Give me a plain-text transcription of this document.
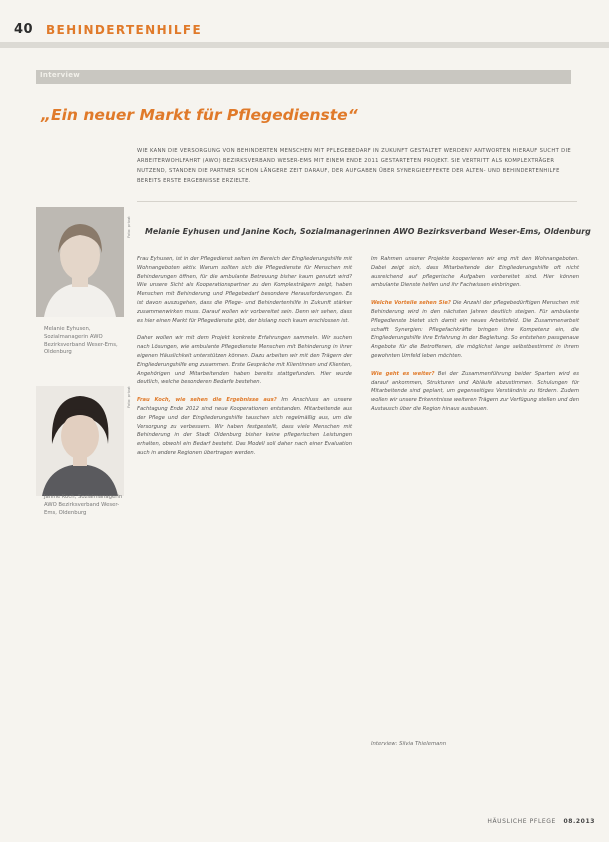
40 BEHINDERTENHILFE
Interview
„Ein neuer Markt für Pflegedienste“

WIE KANN DIE VERSORGUNG VON BEHINDERTEN MENSCHEN MIT PFLEGEBEDARF IN ZUKUNFT GESTALTET WERDEN? ANTWORTEN HIERAUF SUCHT DIE ARBEITERWOHLFAHRT (AWO) BEZIRKSVERBAND WESER-EMS MIT EINEM ENDE 2011 GESTARTETEN PROJEKT. SIE VERTRITT ALS KOMPLEXTRÄGER NUTZEND, STANDEN DIE PARTNER SCHON LÄNGERE ZEIT DARAUF, DER AUFGABEN ÜBER SYNERGIEEFFEKTE DER ALTEN- UND BEHINDERTENHILFE BEREITS ERSTE ERGEBNISSE ERZIELTE.

Foto: privat

Melanie Eyhusen, Sozialmanagerin AWO Bezirksverband Weser-Ems, Oldenburg

Foto: privat

Janine Koch, Sozialmanagerin AWO Bezirksverband Weser-Ems, Oldenburg

Melanie Eyhusen und Janine Koch, Sozialmanagerinnen AWO Bezirksverband Weser-Ems, Oldenburg

Frau Eyhusen, ist in der Pflegedienst selten im Bereich der Eingliederungshilfe mit Wohnangeboten aktiv. Warum sollten sich die Pflegedienste für Menschen mit Behinderungen öffnen, für die ambulante Betreuung bisher kaum genutzt wird? Wie unsere Sicht als Kooperationspartner zu den Komplexträgern zeigt, haben Menschen mit Behinderung und Pflegebedarf besondere Herausforderungen. Es ist davon auszugehen, dass die Pflege- und Behindertenhilfe in Zukunft stärker zusammenwirken muss. Darauf wollen wir vorbereitet sein. Denn wir sehen, dass es hier einen Markt für Pflegedienste gibt, der bislang noch kaum erschlossen ist.

Daher wollen wir mit dem Projekt konkrete Erfahrungen sammeln. Wir suchen nach Lösungen, wie ambulante Pflegedienste Menschen mit Behinderung in ihrer eigenen Häuslichkeit unterstützen können. Dazu arbeiten wir mit den Trägern der Eingliederungshilfe eng zusammen. Erste Gespräche mit Klientinnen und Klienten, Angehörigen und Mitarbeitenden haben bereits stattgefunden. Hier wurde deutlich, welche besonderen Bedarfe bestehen.

Frau Koch, wie sehen die Ergebnisse aus? Im Anschluss an unsere Fachtagung Ende 2012 sind neue Kooperationen entstanden. Mitarbeitende aus der Pflege und der Eingliederungshilfe tauschen sich regelmäßig aus, um die Versorgung zu verbessern. Wir haben festgestellt, dass viele Menschen mit Behinderung in der Stadt Oldenburg bisher keine pflegerischen Leistungen erhalten, obwohl ein Bedarf besteht. Das Modell soll daher nach einer Evaluation auch in andere Regionen übertragen werden.

Im Rahmen unserer Projekte kooperieren wir eng mit den Wohnangeboten. Dabei zeigt sich, dass Mitarbeitende der Eingliederungshilfe oft nicht ausreichend auf pflegerische Aufgaben vorbereitet sind. Hier können ambulante Dienste helfen und ihr Fachwissen einbringen.

Welche Vorteile sehen Sie? Die Anzahl der pflegebedürftigen Menschen mit Behinderung wird in den nächsten Jahren deutlich steigen. Für ambulante Pflegedienste bietet sich damit ein neues Arbeitsfeld. Die Zusammenarbeit schafft Synergien: Pflegefachkräfte bringen ihre Kompetenz ein, die Eingliederungshilfe ihre Erfahrung in der Begleitung. So entstehen passgenaue Angebote für die Betroffenen, die möglichst lange selbstbestimmt in ihrem gewohnten Umfeld leben möchten.

Wie geht es weiter? Bei der Zusammenführung beider Sparten wird es darauf ankommen, Strukturen und Abläufe abzustimmen. Schulungen für Mitarbeitende sind geplant, um gegenseitiges Verständnis zu fördern. Zudem wollen wir unsere Erkenntnisse weiteren Trägern zur Verfügung stellen und den Austausch über die Region hinaus ausbauen.

Interview: Silvia Thielemann
HÄUSLICHE PFLEGE 08.2013
